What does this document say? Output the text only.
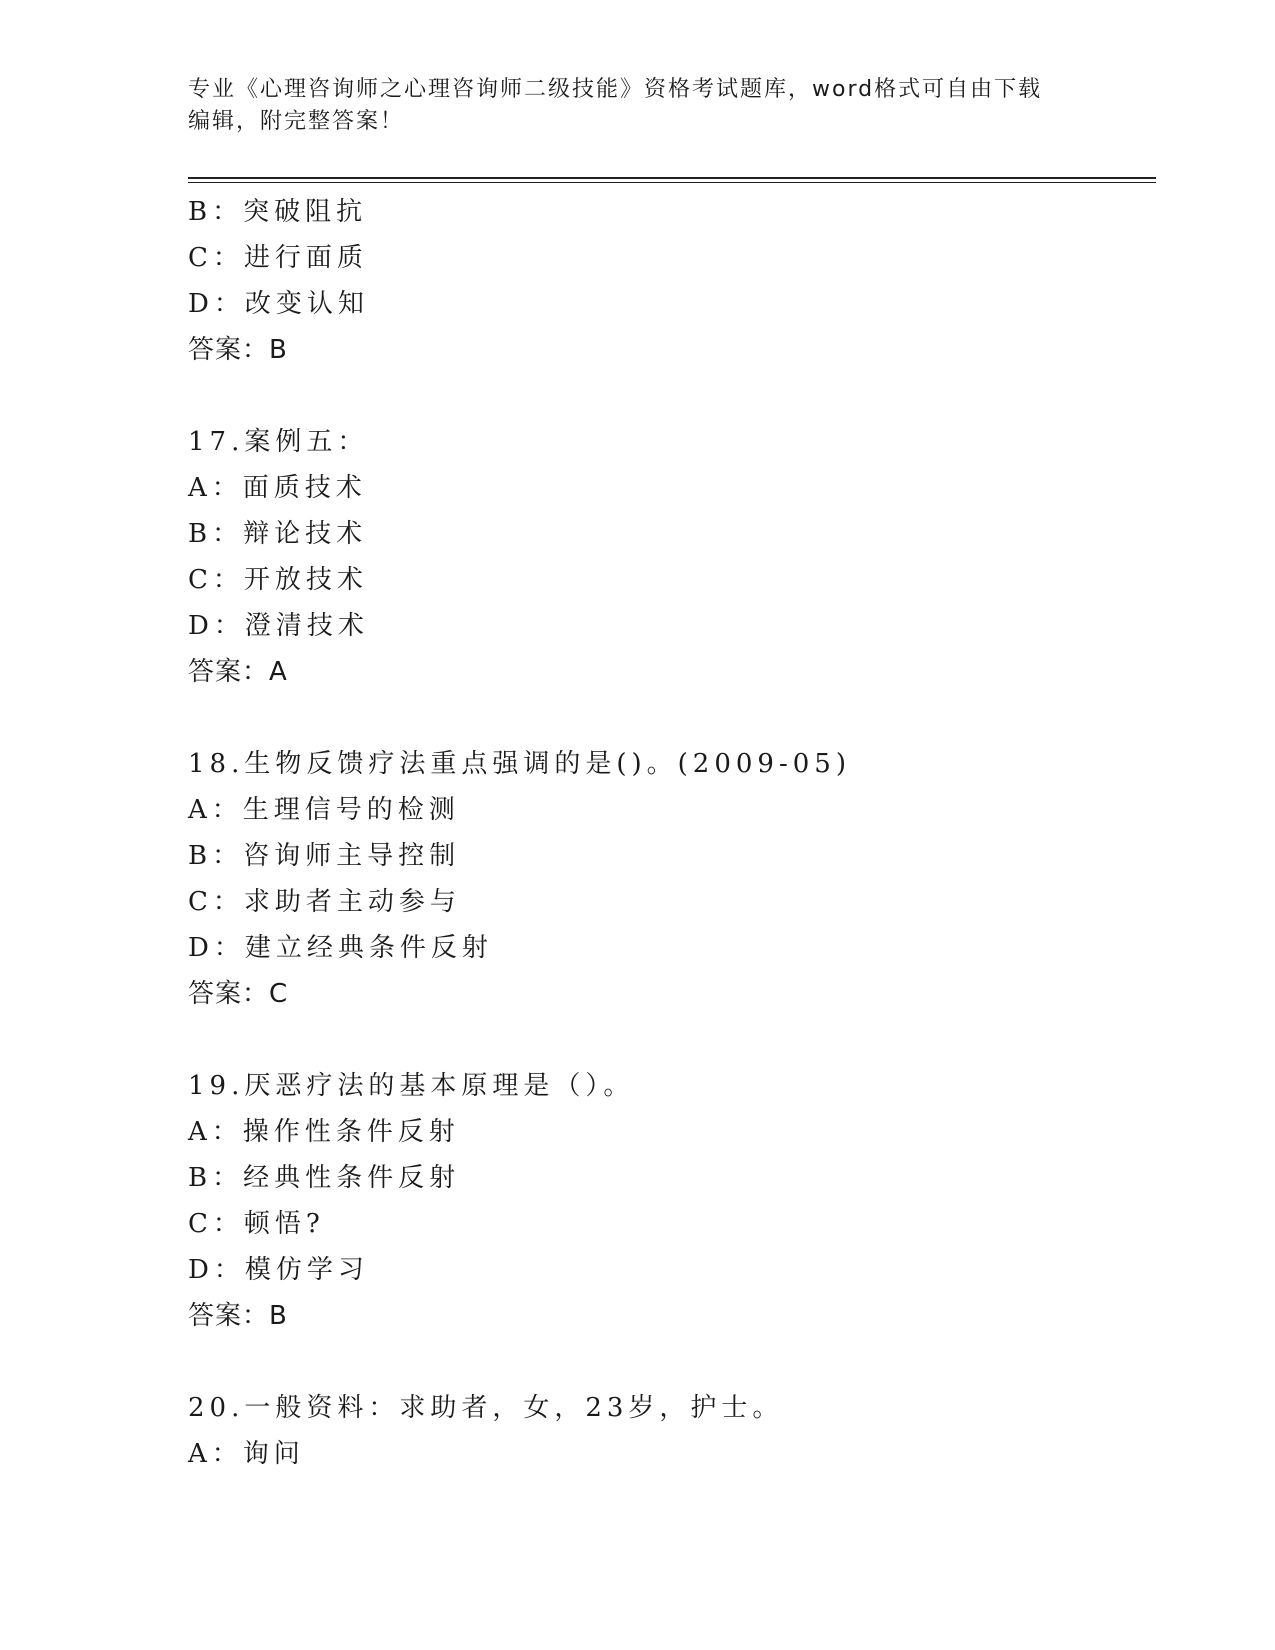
专业《心理咨询师之心理咨询师二级技能》资格考试题库，word格式可自由下载
编辑，附完整答案！
B：突破阻抗
C：进行面质
D：改变认知
答案：B
17.案例五：
A：面质技术
B：辩论技术
C：开放技术
D：澄清技术
答案：A
18.生物反馈疗法重点强调的是()。(2009-05)
A：生理信号的检测
B：咨询师主导控制
C：求助者主动参与
D：建立经典条件反射
答案：C
19.厌恶疗法的基本原理是（）。
A：操作性条件反射
B：经典性条件反射
C：顿悟?
D：模仿学习
答案：B
20.一般资料：求助者，女，23岁，护士。
A：询问
